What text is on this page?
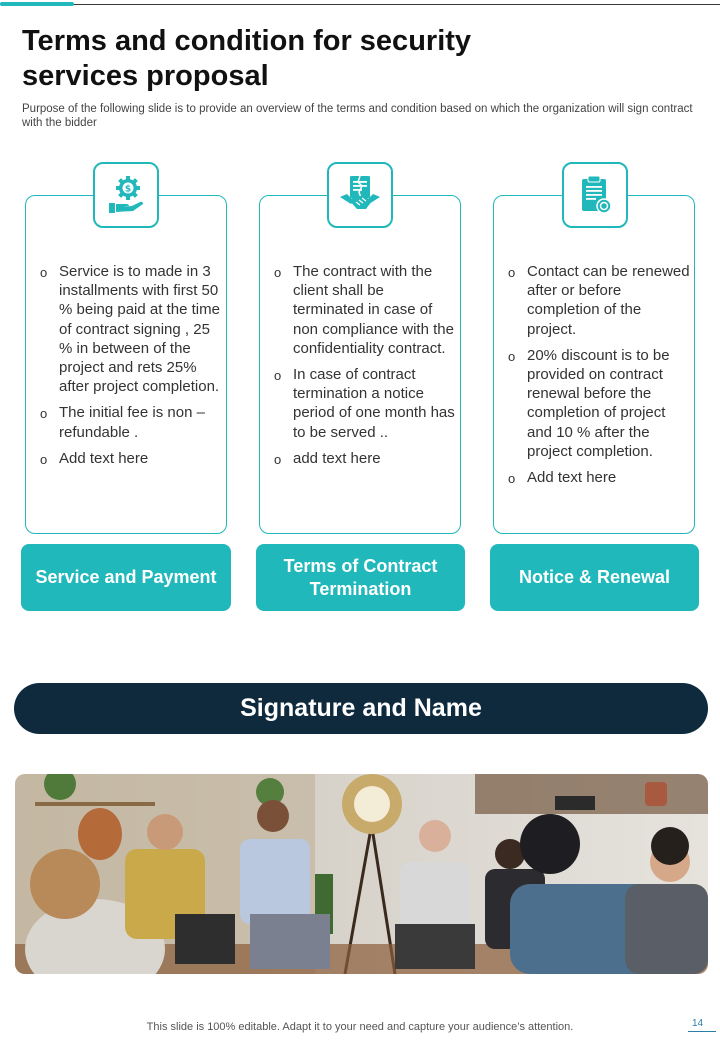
Terms and condition for security services proposal
Purpose of the following slide is to provide an overview of the terms and condition based on which the organization will sign contract with the bidder
o Service is to made in 3 installments with first 50 % being paid at the time of contract signing , 25 % in between of the project and rets 25% after project completion.
o The initial fee is non – refundable .
o Add text here
$
Service and Payment
o The contract with the client shall be terminated in case of non compliance with the confidentiality contract.
o In case of contract termination a notice period of one month has to be served ..
o add text here
Terms of Contract Termination
o Contact can be renewed after or before completion of the project.
o 20% discount is to be provided on contract renewal before the completion of project and 10 % after the project completion.
o Add text here
Notice & Renewal
Signature and Name
This slide is 100% editable. Adapt it to your need and capture your audience’s attention.	14
